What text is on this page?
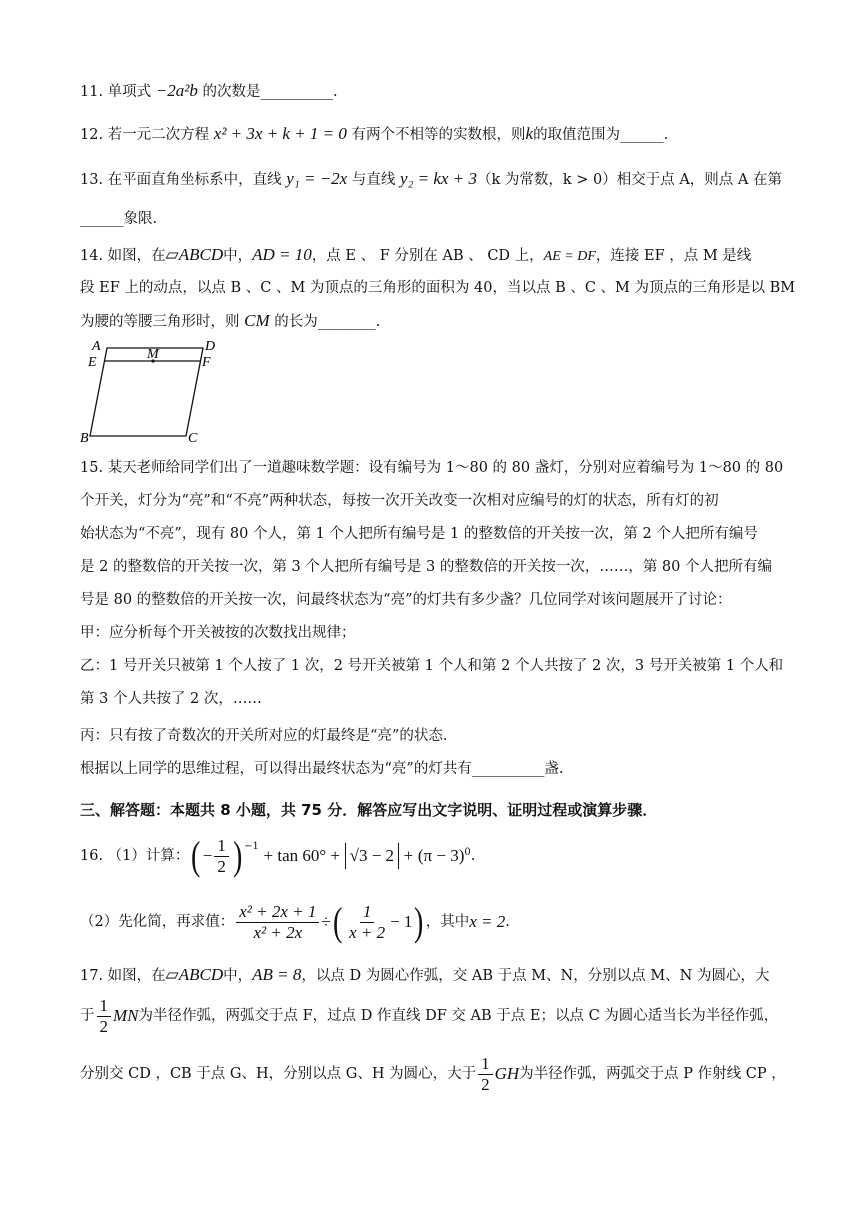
11. 单项式 −2a²b 的次数是__________.
12. 若一元二次方程 x² + 3x + k + 1 = 0 有两个不相等的实数根，则k的取值范围为______.
13. 在平面直角坐标系中，直线 y₁ = −2x 与直线 y₂ = kx + 3（k 为常数，k > 0）相交于点 A，则点 A 在第
______象限.
14. 如图，在▱ABCD中，AD = 10，点 E 、 F 分别在 AB 、 CD 上，AE = DF，连接 EF ，点 M 是线
段 EF 上的动点，以点 B 、C 、M 为顶点的三角形的面积为 40，当以点 B 、C 、M 为顶点的三角形是以 BM
为腰的等腰三角形时，则 CM 的长为________.
A	D
M
E	F
B	C
15. 某天老师给同学们出了一道趣味数学题：设有编号为 1～80 的 80 盏灯，分别对应着编号为 1～80 的 80
个开关，灯分为“亮”和“不亮”两种状态，每按一次开关改变一次相对应编号的灯的状态，所有灯的初
始状态为“不亮”，现有 80 个人，第 1 个人把所有编号是 1 的整数倍的开关按一次，第 2 个人把所有编号
是 2 的整数倍的开关按一次，第 3 个人把所有编号是 3 的整数倍的开关按一次，……，第 80 个人把所有编
号是 80 的整数倍的开关按一次，问最终状态为“亮”的灯共有多少盏？几位同学对该问题展开了讨论：
甲：应分析每个开关被按的次数找出规律；
乙：1 号开关只被第 1 个人按了 1 次，2 号开关被第 1 个人和第 2 个人共按了 2 次，3 号开关被第 1 个人和
第 3 个人共按了 2 次，……
丙：只有按了奇数次的开关所对应的灯最终是“亮”的状态.
根据以上同学的思维过程，可以得出最终状态为“亮”的灯共有__________盏.
三、解答题：本题共 8 小题，共 75 分．解答应写出文字说明、证明过程或演算步骤．
16.
（1）计算： ( − $\frac{1}{2} )^{-1}$
+ tan 60° +
√3 − 2
+
$(\pi - 3)^0$ .
（2）先化简，再求值： $\frac{\text{x² + 2x + 1}}{\text{x² + 2x}}$ ÷ ( $\frac{1}{x + 2} - 1$ ) ，其中 x = 2 .
17. 如图，在▱ABCD中，AB = 8，以点 D 为圆心作弧，交 AB 于点 M、N，分别以点 M、N 为圆心，大
于 $\frac{1}{2}$ MN 为半径作弧，两弧交于点 F，过点 D 作直线 DF 交 AB 于点 E；以点 C 为圆心适当长为半径作弧，
分别交 CD ，CB 于点 G、H，分别以点 G、H 为圆心，大于 $\frac{1}{2}$ GH 为半径作弧，两弧交于点 P 作射线 CP ，
